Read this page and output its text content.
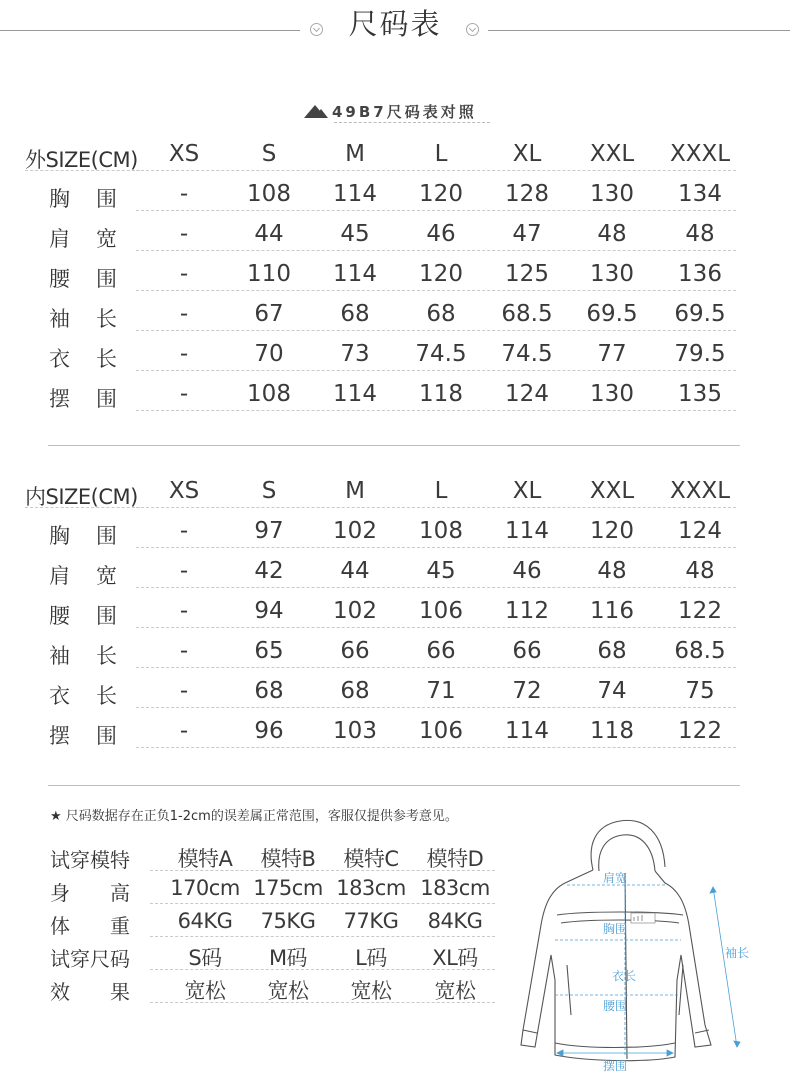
尺码表
49B7尺码表对照
外SIZE(CM)	XS	S	M	L	XL	XXL	XXXL
胸围	-	108	114	120	128	130	134
肩宽	-	44	45	46	47	48	48
腰围	-	110	114	120	125	130	136
袖长	-	67	68	68	68.5	69.5	69.5
衣长	-	70	73	74.5	74.5	77	79.5
摆围	-	108	114	118	124	130	135
内SIZE(CM)	XS	S	M	L	XL	XXL	XXXL
胸围	-	97	102	108	114	120	124
肩宽	-	42	44	45	46	48	48
腰围	-	94	102	106	112	116	122
袖长	-	65	66	66	66	68	68.5
衣长	-	68	68	71	72	74	75
摆围	-	96	103	106	114	118	122
★ 尺码数据存在正负1-2cm的误差属正常范围，客服仅提供参考意见。
试穿模特	模特A	模特B	模特C	模特D
身高 170cm 175cm 183cm 183cm
体重	64KG	75KG	77KG	84KG
试穿尺码	S码	M码	L码	XL码
效果	宽松	宽松	宽松	宽松
肩宽
胸围
袖长
衣长
腰围
摆围
